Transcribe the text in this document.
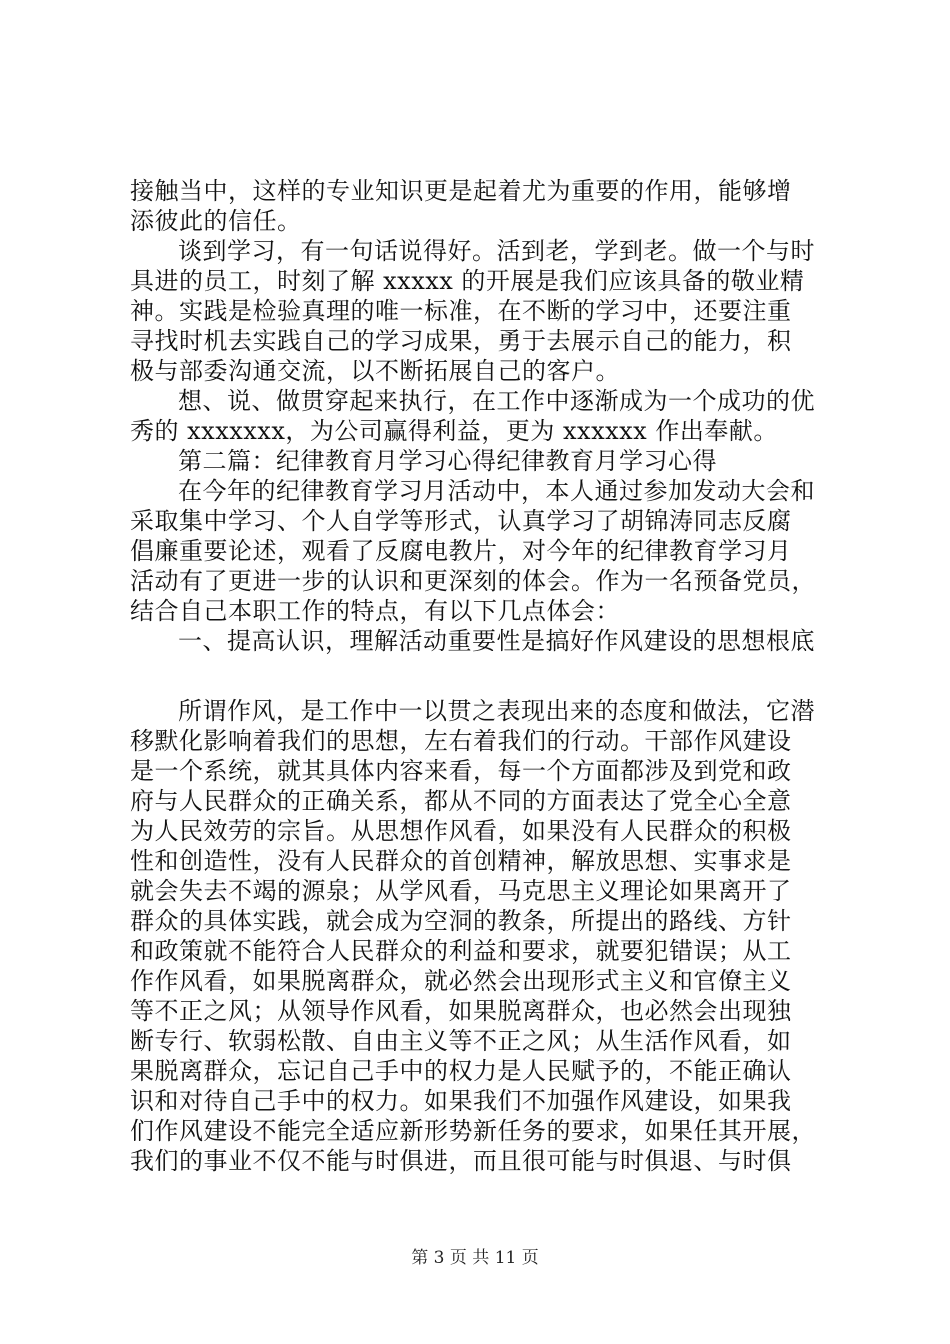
接触当中，这样的专业知识更是起着尤为重要的作用，能够增
添彼此的信任。
谈到学习，有一句话说得好。活到老，学到老。做一个与时
具进的员工，时刻了解 xxxxx 的开展是我们应该具备的敬业精
神。实践是检验真理的唯一标准，在不断的学习中，还要注重
寻找时机去实践自己的学习成果，勇于去展示自己的能力，积
极与部委沟通交流，以不断拓展自己的客户。
想、说、做贯穿起来执行，在工作中逐渐成为一个成功的优
秀的 xxxxxxx，为公司赢得利益，更为 xxxxxx 作出奉献。
第二篇：纪律教育月学习心得纪律教育月学习心得
在今年的纪律教育学习月活动中，本人通过参加发动大会和
采取集中学习、个人自学等形式，认真学习了胡锦涛同志反腐
倡廉重要论述，观看了反腐电教片，对今年的纪律教育学习月
活动有了更进一步的认识和更深刻的体会。作为一名预备党员，
结合自己本职工作的特点，有以下几点体会：
一、提高认识，理解活动重要性是搞好作风建设的思想根底
所谓作风，是工作中一以贯之表现出来的态度和做法，它潜
移默化影响着我们的思想，左右着我们的行动。干部作风建设
是一个系统，就其具体内容来看，每一个方面都涉及到党和政
府与人民群众的正确关系，都从不同的方面表达了党全心全意
为人民效劳的宗旨。从思想作风看，如果没有人民群众的积极
性和创造性，没有人民群众的首创精神，解放思想、实事求是
就会失去不竭的源泉；从学风看，马克思主义理论如果离开了
群众的具体实践，就会成为空洞的教条，所提出的路线、方针
和政策就不能符合人民群众的利益和要求，就要犯错误；从工
作作风看，如果脱离群众，就必然会出现形式主义和官僚主义
等不正之风；从领导作风看，如果脱离群众，也必然会出现独
断专行、软弱松散、自由主义等不正之风；从生活作风看，如
果脱离群众，忘记自己手中的权力是人民赋予的，不能正确认
识和对待自己手中的权力。如果我们不加强作风建设，如果我
们作风建设不能完全适应新形势新任务的要求，如果任其开展，
我们的事业不仅不能与时俱进，而且很可能与时俱退、与时俱
第 3 页 共 11 页
